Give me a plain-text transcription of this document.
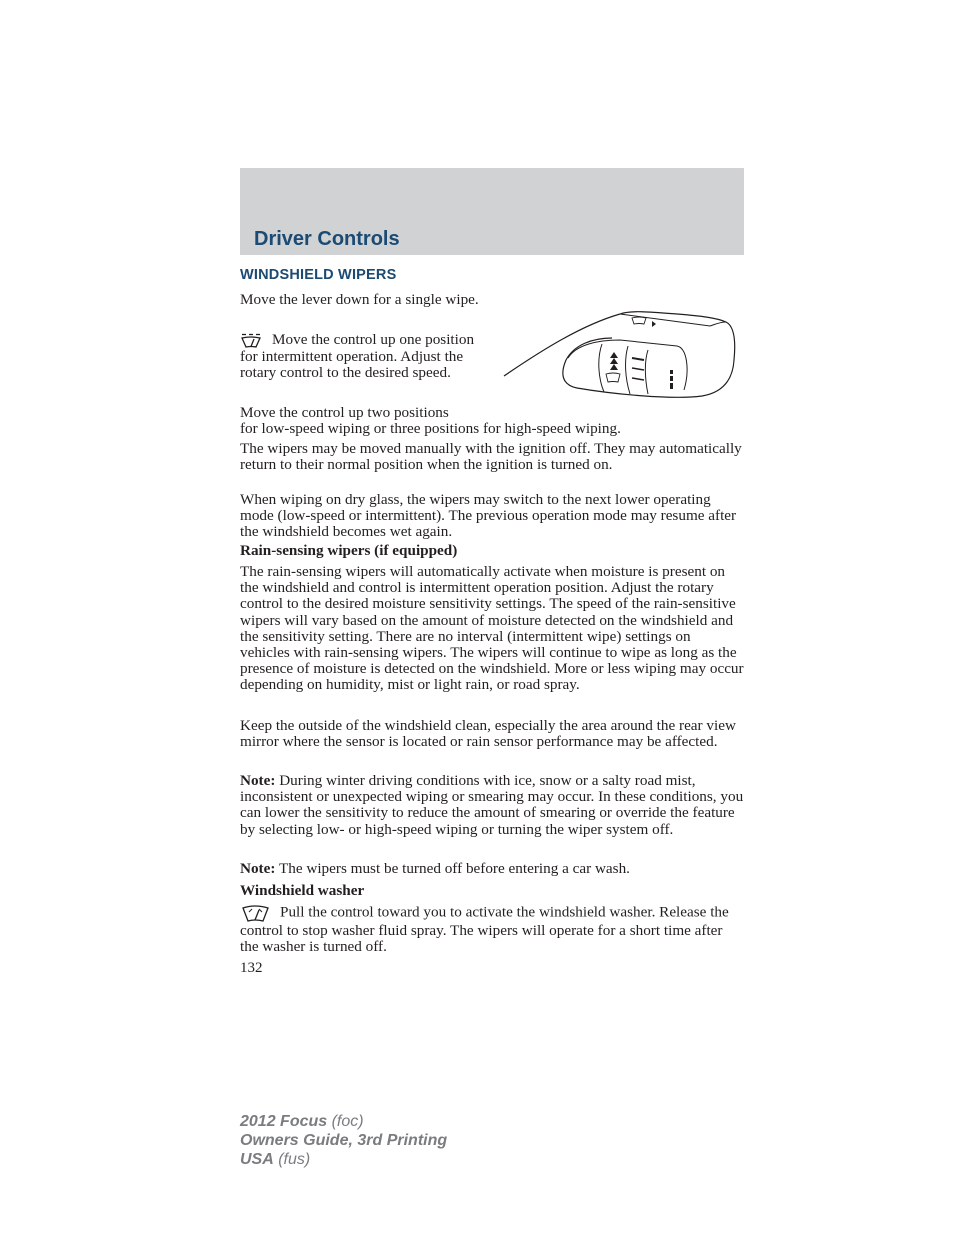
Driver Controls
WINDSHIELD WIPERS

Move the lever down for a single wipe.

Move the control up one position for intermittent operation. Adjust the rotary control to the desired speed.

Move the control up two positions
for low-speed wiping or three positions for high-speed wiping.

The wipers may be moved manually with the ignition off. They may automatically return to their normal position when the ignition is turned on.

When wiping on dry glass, the wipers may switch to the next lower operating mode (low-speed or intermittent). The previous operation mode may resume after the windshield becomes wet again.

Rain-sensing wipers (if equipped)

The rain-sensing wipers will automatically activate when moisture is present on the windshield and control is intermittent operation position. Adjust the rotary control to the desired moisture sensitivity settings. The speed of the rain-sensitive wipers will vary based on the amount of moisture detected on the windshield and the sensitivity setting. There are no interval (intermittent wipe) settings on vehicles with rain-sensing wipers. The wipers will continue to wipe as long as the presence of moisture is detected on the windshield. More or less wiping may occur depending on humidity, mist or light rain, or road spray.

Keep the outside of the windshield clean, especially the area around the rear view mirror where the sensor is located or rain sensor performance may be affected.

Note: During winter driving conditions with ice, snow or a salty road mist, inconsistent or unexpected wiping or smearing may occur. In these conditions, you can lower the sensitivity to reduce the amount of smearing or override the feature by selecting low- or high-speed wiping or turning the wiper system off.

Note: The wipers must be turned off before entering a car wash.

Windshield washer

Pull the control toward you to activate the windshield washer. Release the control to stop washer fluid spray. The wipers will operate for a short time after the washer is turned off.

132
2012 Focus (foc)
Owners Guide, 3rd Printing
USA (fus)
